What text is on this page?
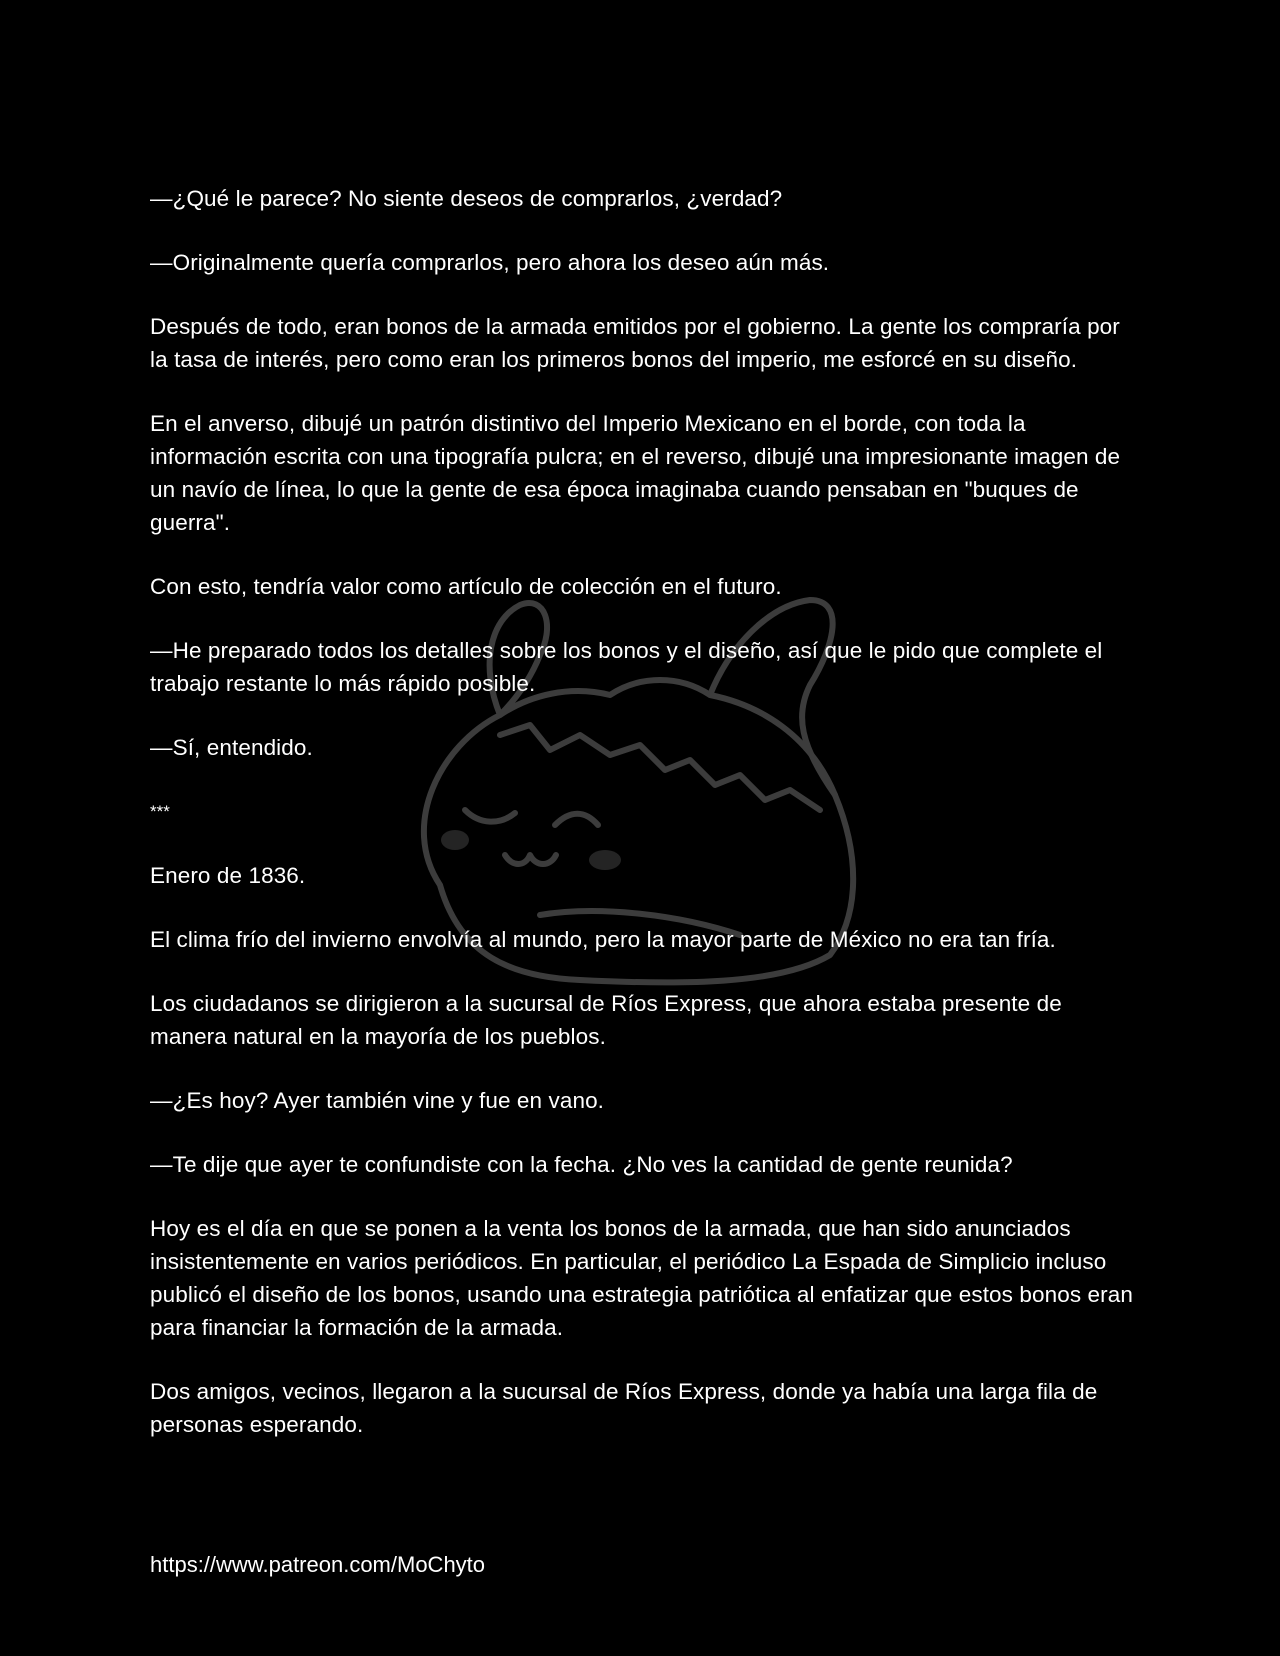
—¿Qué le parece? No siente deseos de comprarlos, ¿verdad?

—Originalmente quería comprarlos, pero ahora los deseo aún más.

Después de todo, eran bonos de la armada emitidos por el gobierno. La gente los compraría por la tasa de interés, pero como eran los primeros bonos del imperio, me esforcé en su diseño.

En el anverso, dibujé un patrón distintivo del Imperio Mexicano en el borde, con toda la información escrita con una tipografía pulcra; en el reverso, dibujé una impresionante imagen de un navío de línea, lo que la gente de esa época imaginaba cuando pensaban en "buques de guerra".

Con esto, tendría valor como artículo de colección en el futuro.

—He preparado todos los detalles sobre los bonos y el diseño, así que le pido que complete el trabajo restante lo más rápido posible.

—Sí, entendido.

***

Enero de 1836.

El clima frío del invierno envolvía al mundo, pero la mayor parte de México no era tan fría.

Los ciudadanos se dirigieron a la sucursal de Ríos Express, que ahora estaba presente de manera natural en la mayoría de los pueblos.

—¿Es hoy? Ayer también vine y fue en vano.

—Te dije que ayer te confundiste con la fecha. ¿No ves la cantidad de gente reunida?

Hoy es el día en que se ponen a la venta los bonos de la armada, que han sido anunciados insistentemente en varios periódicos. En particular, el periódico La Espada de Simplicio incluso publicó el diseño de los bonos, usando una estrategia patriótica al enfatizar que estos bonos eran para financiar la formación de la armada.

Dos amigos, vecinos, llegaron a la sucursal de Ríos Express, donde ya había una larga fila de personas esperando.

https://www.patreon.com/MoChyto
